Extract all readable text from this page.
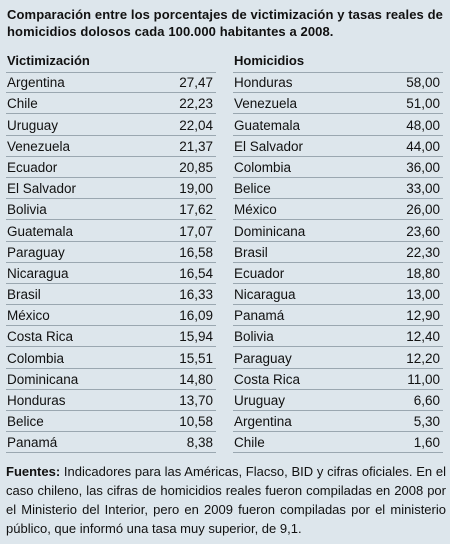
Comparación entre los porcentajes de victimización y tasas reales de homicidios dolosos cada 100.000 habitantes a 2008.
Victimización
Argentina	27,47
Chile	22,23
Uruguay	22,04
Venezuela	21,37
Ecuador	20,85
El Salvador	19,00
Bolivia	17,62
Guatemala	17,07
Paraguay	16,58
Nicaragua	16,54
Brasil	16,33
México	16,09
Costa Rica	15,94
Colombia	15,51
Dominicana	14,80
Honduras	13,70
Belice	10,58
Panamá	8,38
Homicidios
Honduras	58,00
Venezuela	51,00
Guatemala	48,00
El Salvador	44,00
Colombia	36,00
Belice	33,00
México	26,00
Dominicana	23,60
Brasil	22,30
Ecuador	18,80
Nicaragua	13,00
Panamá	12,90
Bolivia	12,40
Paraguay	12,20
Costa Rica	11,00
Uruguay	6,60
Argentina	5,30
Chile	1,60
Fuentes: Indicadores para las Américas, Flacso, BID y cifras oficiales. En el caso chileno, las cifras de homicidios reales fueron compiladas en 2008 por el Ministerio del Interior, pero en 2009 fueron compiladas por el ministerio público, que informó una tasa muy superior, de 9,1.
